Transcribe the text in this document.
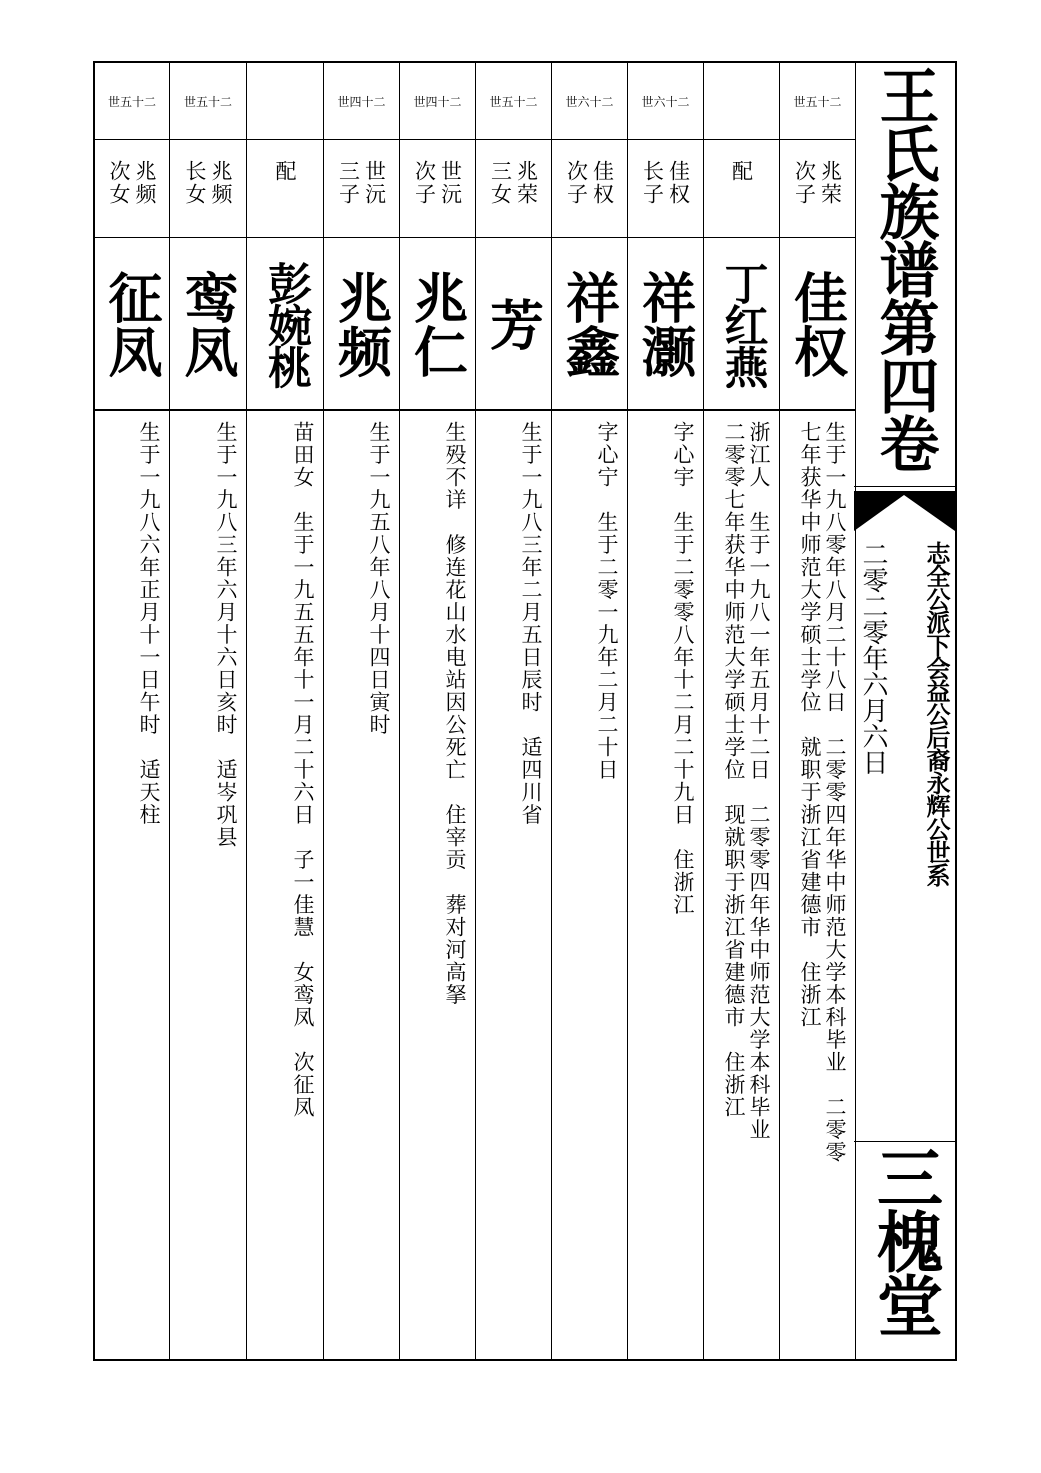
世五十二
兆荣
次子
佳权
生于一九八零年八月二十八日　二零零四年华中师范大学本科毕业　二零零
七年获华中师范大学硕士学位　就职于浙江省建德市　住浙江
配
丁红燕
浙江人　生于一九八一年五月十二日　二零零四年华中师范大学本科毕业
二零零七年获华中师范大学硕士学位　现就职于浙江省建德市　住浙江
世六十二
佳权
长子
祥灏
字心宇　生于二零零八年十二月二十九日　住浙江
世六十二
佳权
次子
祥鑫
字心宁　生于二零一九年二月二十日
世五十二
兆荣
三女
芳
生于一九八三年二月五日辰时　适四川省
世四十二
世沅
次子
兆仁
生殁不详　修连花山水电站因公死亡　住宰贡　葬对河高拏
世四十二
世沅
三子
兆频
生于一九五八年八月十四日寅时
配
彭婉桃
苗田女　生于一九五五年十一月二十六日　子一佳慧　女鸾凤　次征凤
世五十二
兆频
长女
鸾凤
生于一九八三年六月十六日亥时　适岑巩县
世五十二
兆频
次女
征凤
生于一九八六年正月十一日午时　适天柱
王氏族谱第四卷
志全公派下会益公后裔永辉公世系
二零二零年六月六日
三槐堂
